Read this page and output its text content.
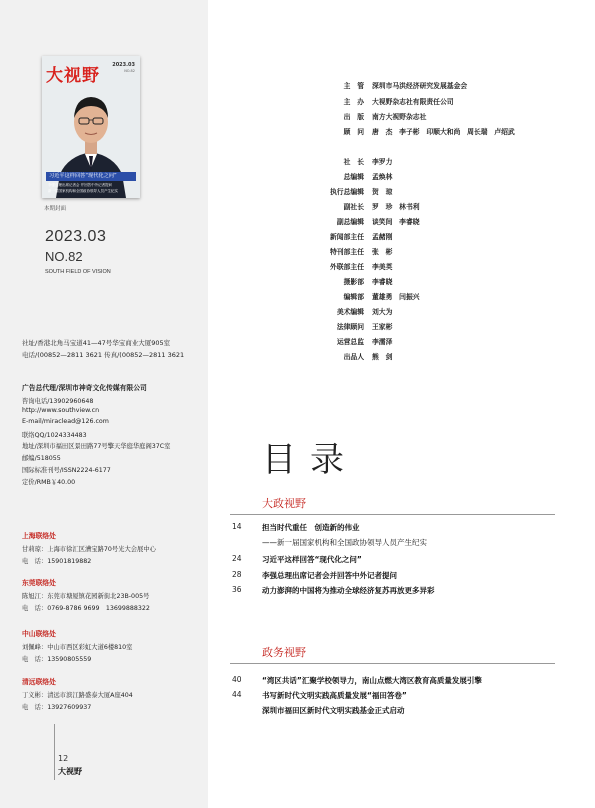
大视野
2023.03
NO.82
习近平这样回答“现代化之问”
李强总理出席记者会 并回答中外记者提问
新一届国家机构和全国政协领导人员产生纪实
本期封面
2023.03
NO.82
SOUTH FIELD OF VISION
社址/香港北角马宝道41—47号华宝商业大厦905室
电话/(00852—2811 3621 传真/(00852—2811 3621
广告总代理/深圳市神奇文化传媒有限公司
咨询电话/13902960648
http://www.southview.cn
E-mail/miraclead@126.com
联络QQ/1024334483
地址/深圳市福田区景田路77号擎天华庭华庭阁37C室
邮编/518055
国际标准刊号/ISSN2224-6177
定价/RMB￥40.00
上海联络处
甘莉琼：上海市徐汇区漕宝路70号光大会展中心
电　话：15901819882
东莞联络处
陈旭江：东莞市塘厦镇花园新街北23B-005号
电　话：0769-8786 9699　13699888322
中山联络处
刘佩峰：中山市西区彩虹大道6楼810室
电　话：13590805559
清远联络处
丁义彬：清远市滨江路盛泰大厦A座404
电　话：13927609937
12
大视野
主　管 深圳市马洪经济研究发展基金会
主　办 大视野杂志社有限责任公司
出　版 南方大视野杂志社
顾　问 唐　杰　李子彬　印顺大和尚　周长瑞　卢绍武
社　长 李罗力
总编辑 孟焕林
执行总编辑 贺　琼
副社长 罗　珍　林书利
副总编辑 谈笑间　李睿晓
新闻部主任 孟赭刚
特刊部主任 张　彬
外联部主任 李美英
摄影部 李睿晓
编辑部 董雄勇　闫振兴
美术编辑 刘大为
法律顾问 王家彬
运营总监 李濡泽
出品人 熊　剑
目录
大政视野
14	担当时代重任　创造新的伟业
——新一届国家机构和全国政协领导人员产生纪实
24	习近平这样回答“现代化之问”
28	李强总理出席记者会并回答中外记者提问
36	动力澎湃的中国将为推动全球经济复苏再放更多异彩
政务视野
40	“湾区共话”汇聚学校领导力，南山点燃大湾区教育高质量发展引擎
44	书写新时代文明实践高质量发展“福田答卷”
深圳市福田区新时代文明实践基金正式启动
